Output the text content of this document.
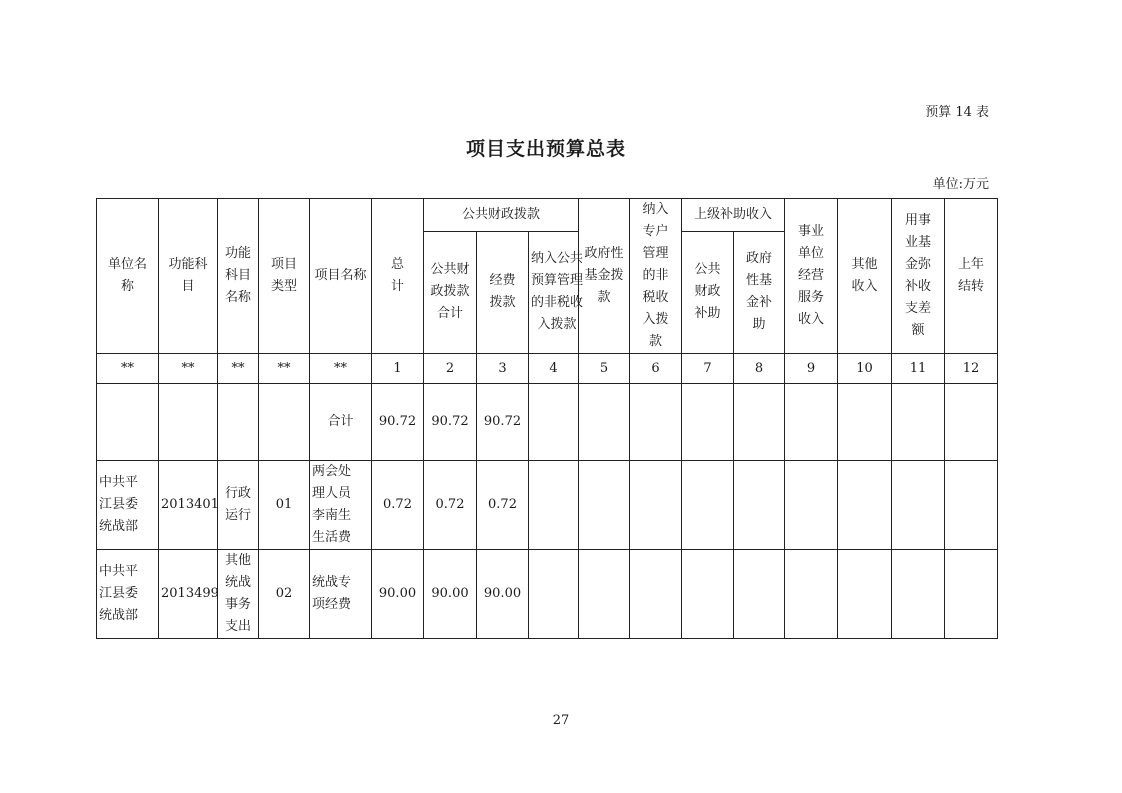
预算 14 表
项目支出预算总表
单位:万元
单位名称	功能科目	功能科目名称	项目类型	项目名称	总计	公共财政拨款			政府性基金拨款	纳入专户管理的非税收入拨款	上级补助收入		事业单位经营服务收入	其他收入	用事业基金弥补收支差额	上年结转

						公共财政拨款合计	经费拨款	纳入公共预算管理的非税收入拨款			公共财政补助	政府性基金补助				

**	**	**	**	**	1	2	3	4	5	6	7	8	9	10	11	12
				合计	90.72	90.72	90.72									

中共平江县委统战部	2013401	行政运行	01	两会处理人员李南生生活费	0.72	0.72	0.72									

中共平江县委统战部	2013499	其他统战事务支出	02	统战专项经费	90.00	90.00	90.00									
27
